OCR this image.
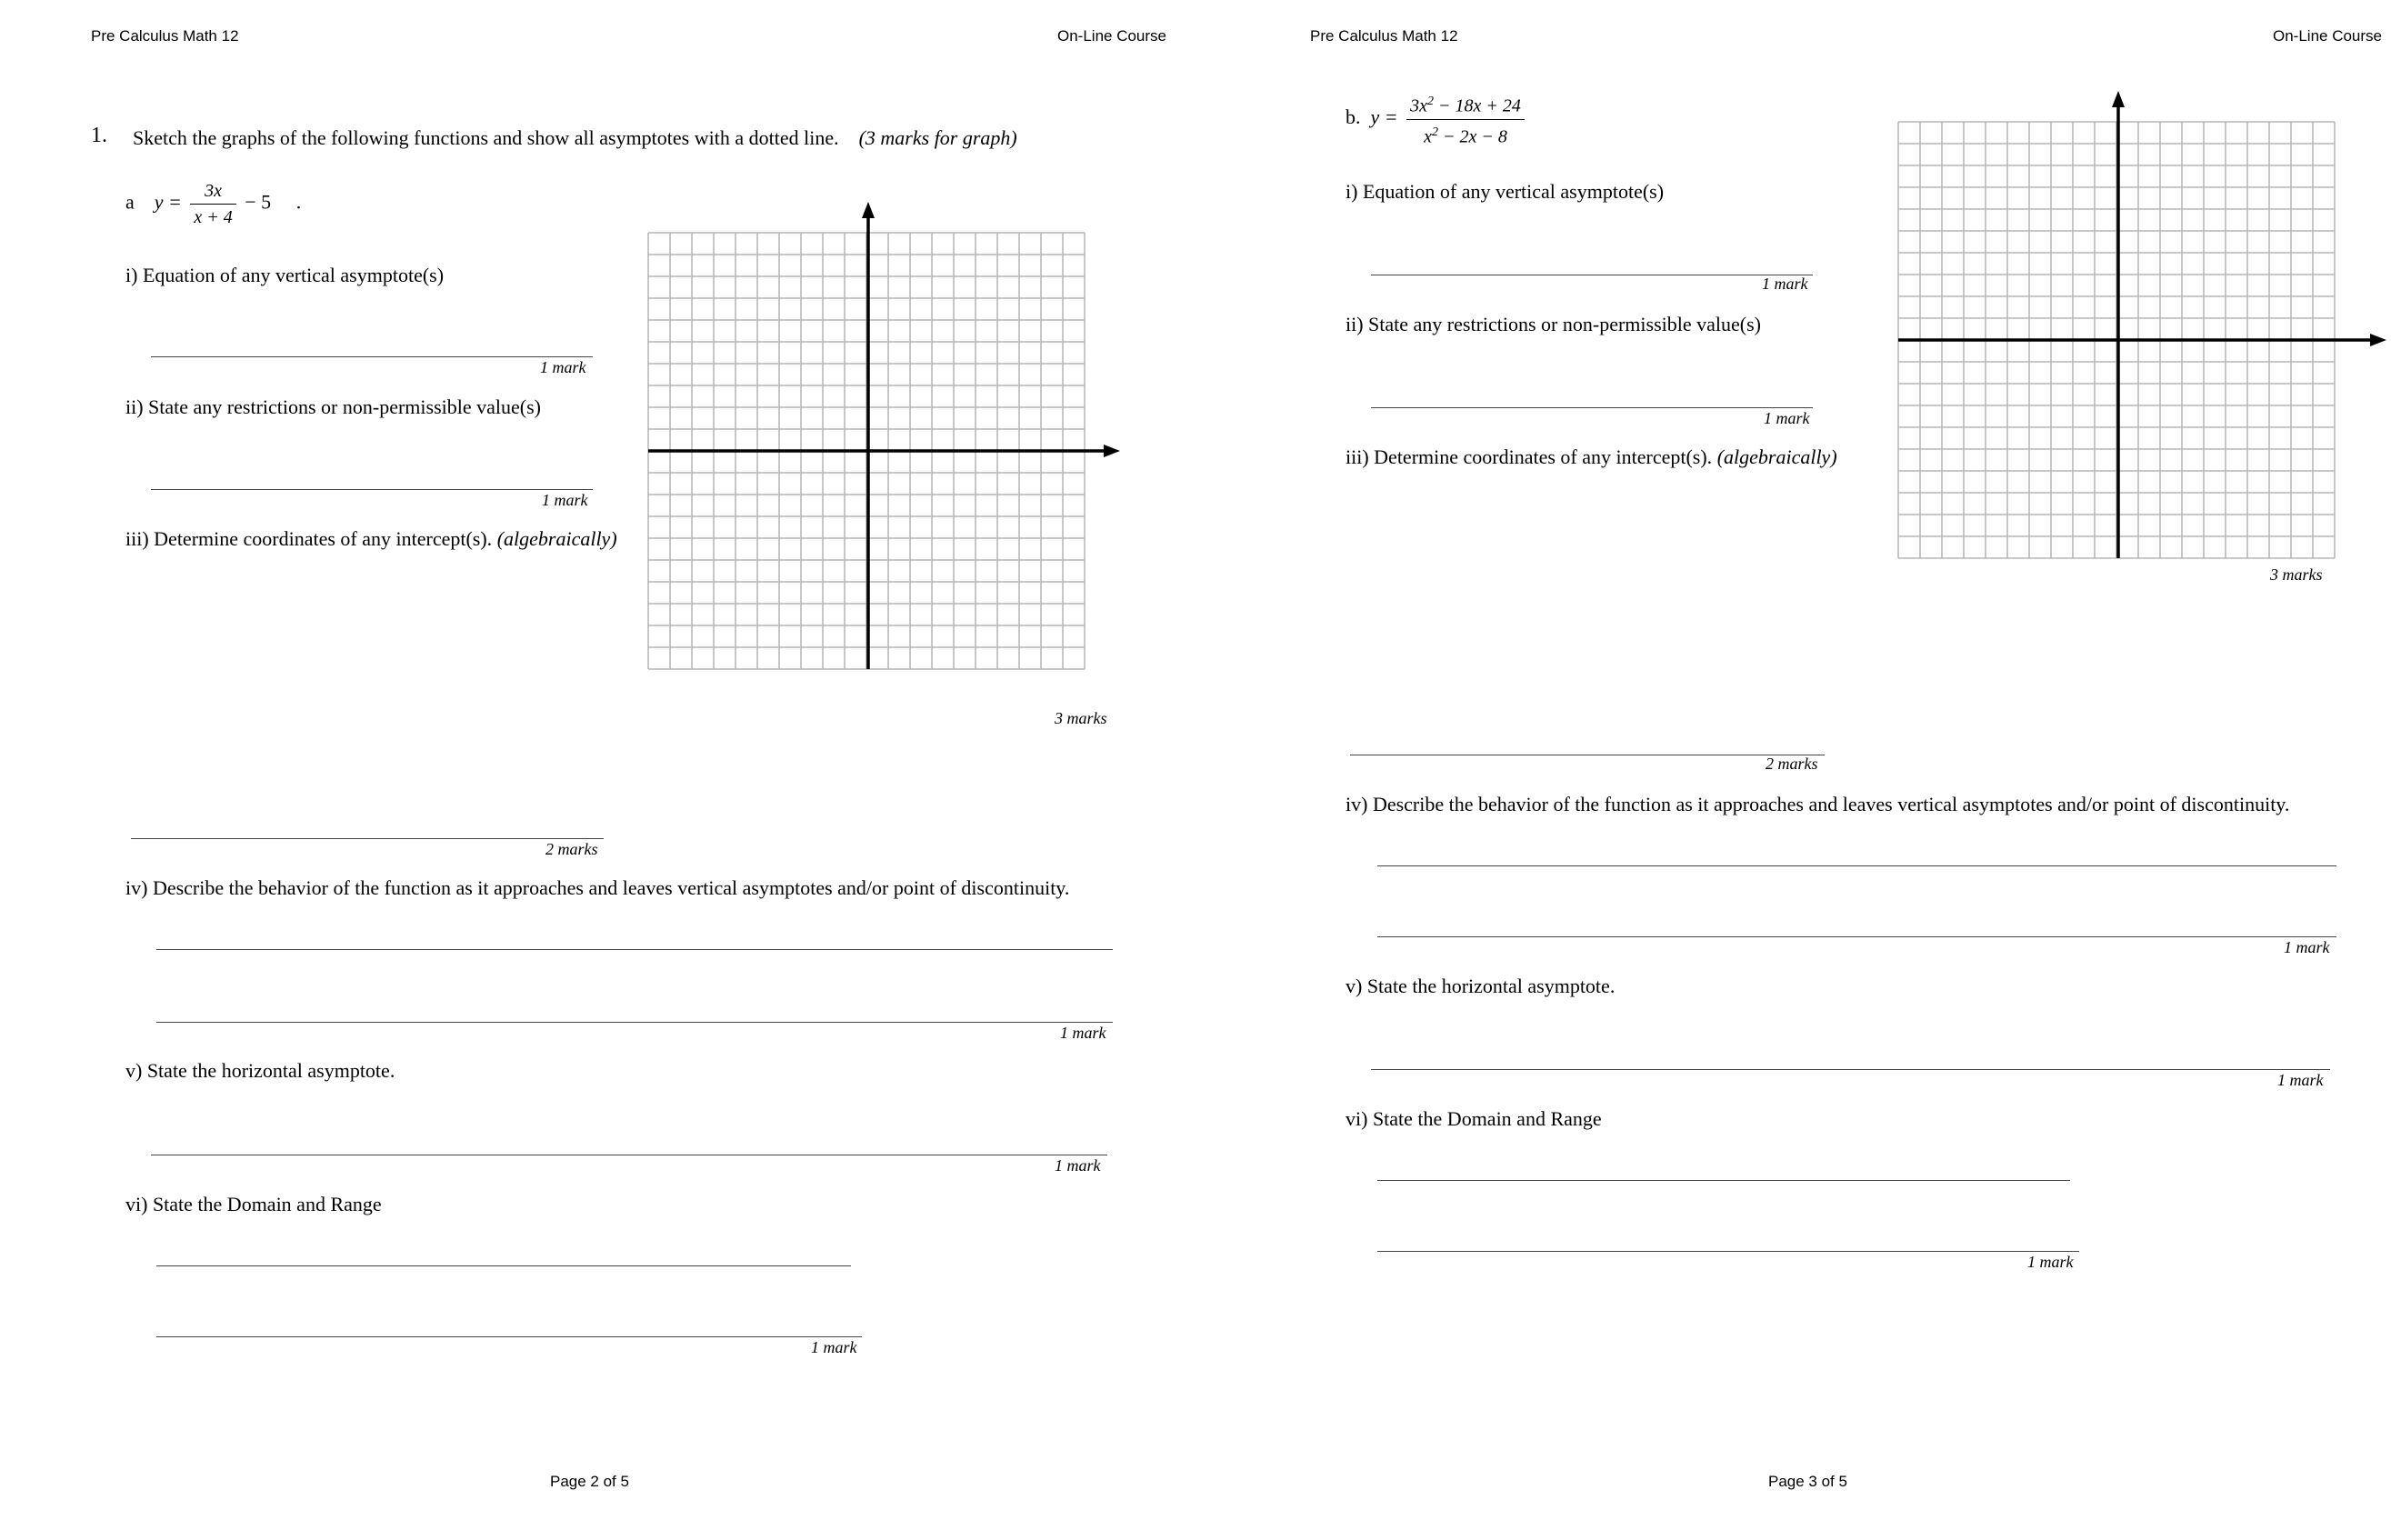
Pre Calculus Math 12	On-Line Course
1. Sketch the graphs of the following functions and show all asymptotes with a dotted line. (3 marks for graph)
a $y = \frac{3x}{x + 4} - 5$ .
i) Equation of any vertical asymptote(s)
1 mark
ii) State any restrictions or non-permissible value(s)
1 mark
iii) Determine coordinates of any intercept(s). (algebraically)
3 marks
2 marks
iv) Describe the behavior of the function as it approaches and leaves vertical asymptotes and/or point of discontinuity.
1 mark
v) State the horizontal asymptote.
1 mark
vi) State the Domain and Range
1 mark
Page 2 of 5
Pre Calculus Math 12	On-Line Course
b. $y = \frac{3x^2 - 18x + 24}{x^2 - 2x - 8}$
i) Equation of any vertical asymptote(s)
1 mark
ii) State any restrictions or non-permissible value(s)
1 mark
iii) Determine coordinates of any intercept(s). (algebraically)
3 marks
2 marks
iv) Describe the behavior of the function as it approaches and leaves vertical asymptotes and/or point of discontinuity.
1 mark
v) State the horizontal asymptote.
1 mark
vi) State the Domain and Range
1 mark
Page 3 of 5
